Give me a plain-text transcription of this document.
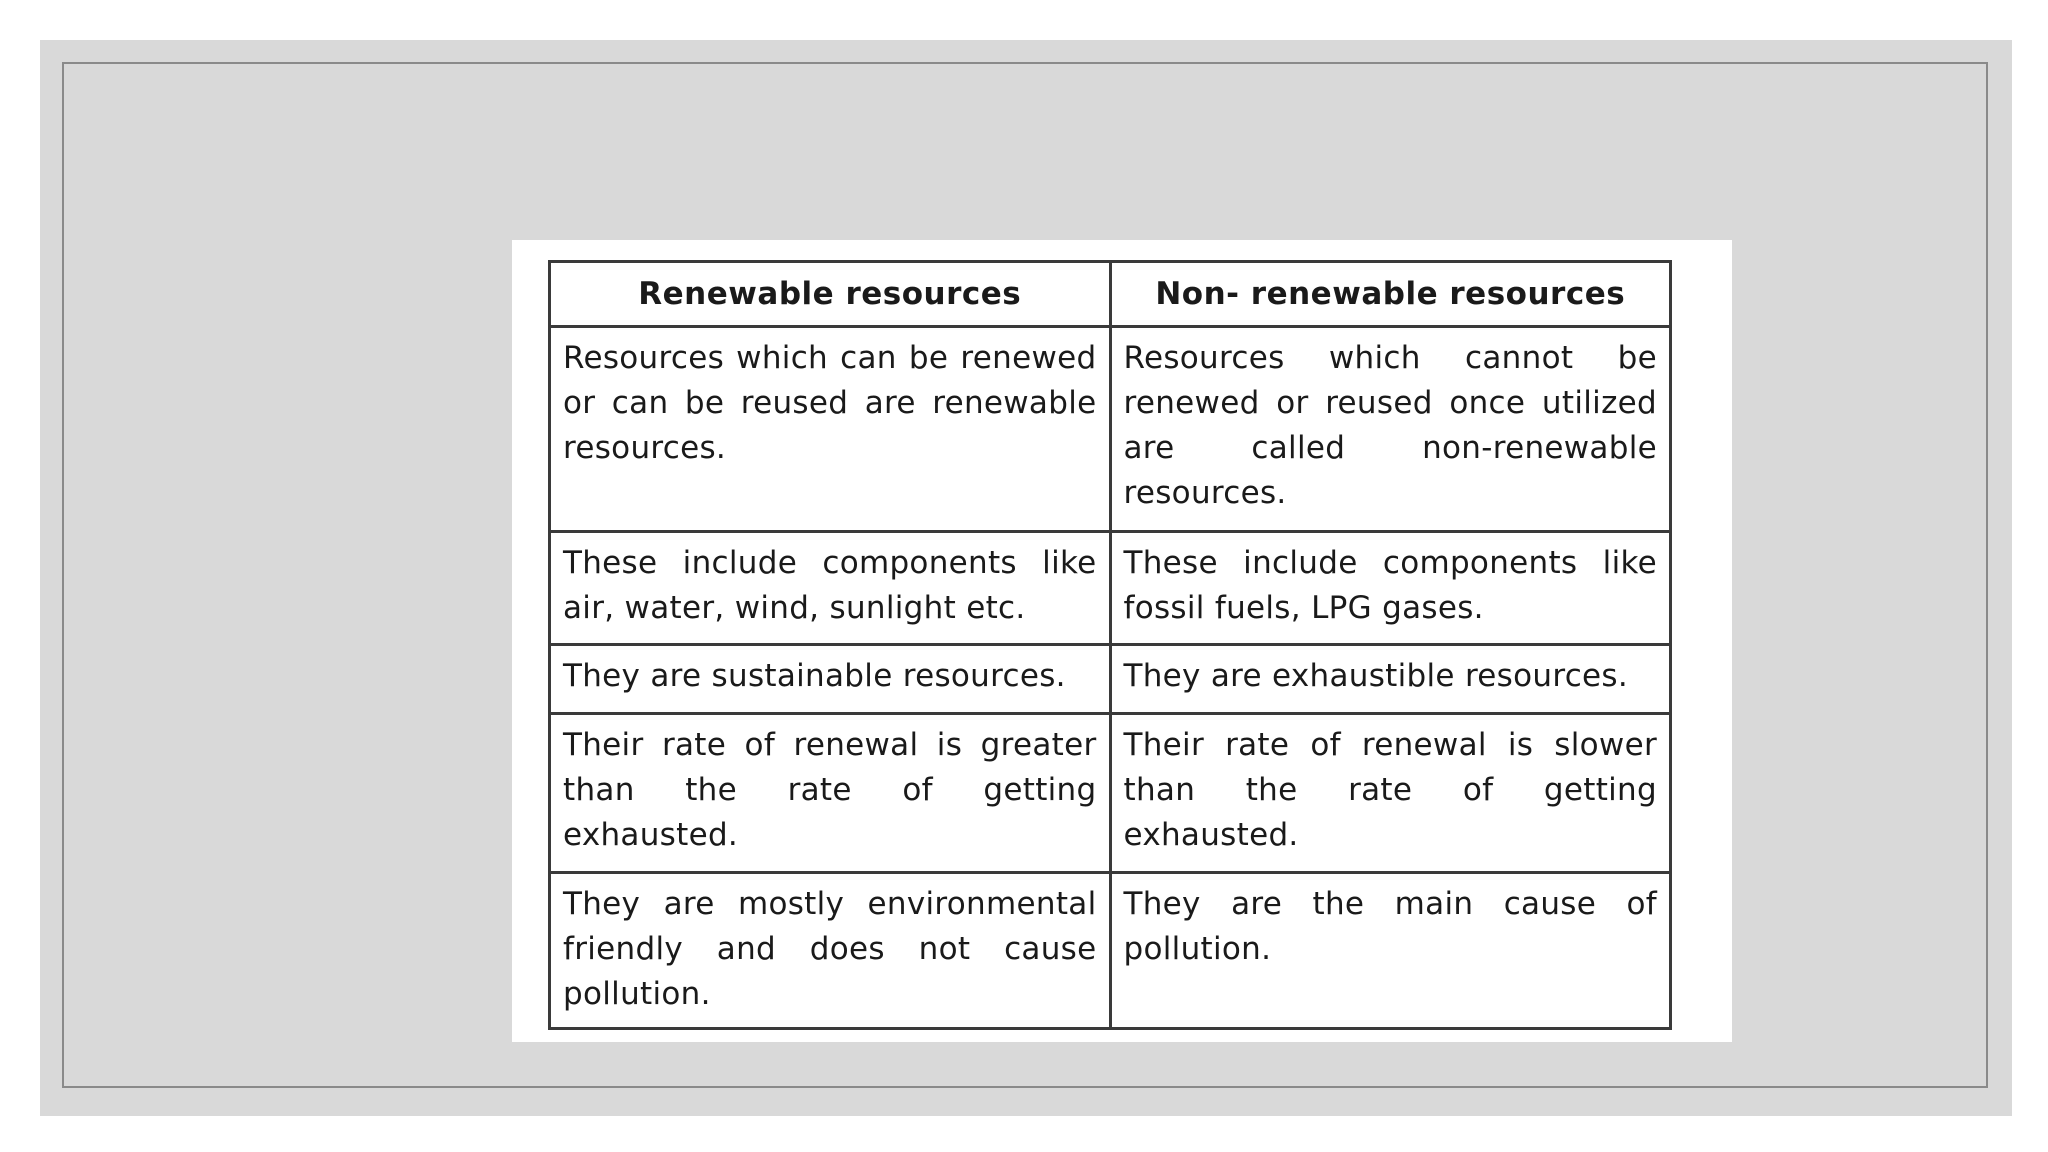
Renewable resources	Non- renewable resources
Resources which can be renewed or can be reused are renewable resources.	Resources which cannot be renewed or reused once utilized are called non-renewable resources.
These include components like air, water, wind, sunlight etc.	These include components like fossil fuels, LPG gases.
They are sustainable resources.	They are exhaustible resources.
Their rate of renewal is greater than the rate of getting exhausted.	Their rate of renewal is slower than the rate of getting exhausted.
They are mostly environmental friendly and does not cause pollution.	They are the main cause of pollution.
